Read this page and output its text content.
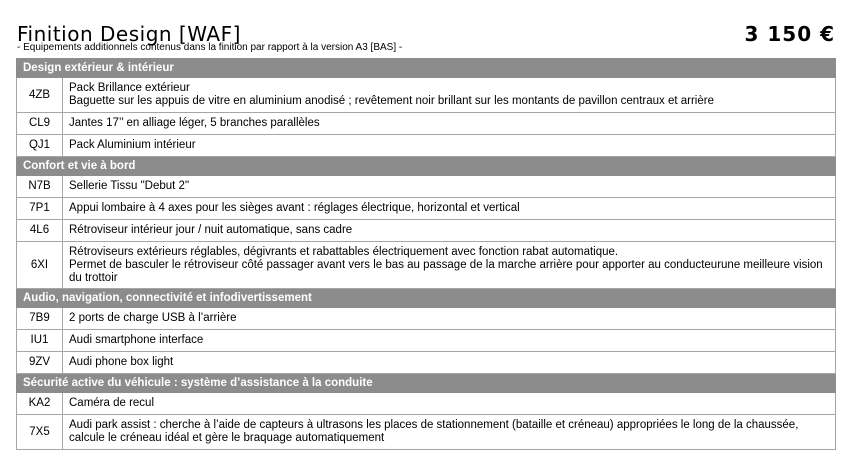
Finition Design [WAF]	3 150 €
- Equipements additionnels contenus dans la finition par rapport à la version A3 [BAS] -
Design extérieur & intérieur	
4ZB	Pack Brillance extérieur
Baguette sur les appuis de vitre en aluminium anodisé ; revêtement noir brillant sur les montants de pavillon centraux et arrière

CL9	Jantes 17’’ en alliage léger, 5 branches parallèles
QJ1	Pack Aluminium intérieur
Confort et vie à bord	
N7B	Sellerie Tissu "Debut 2"
7P1	Appui lombaire à 4 axes pour les sièges avant : réglages électrique, horizontal et vertical
4L6	Rétroviseur intérieur jour / nuit automatique, sans cadre
6XI	Rétroviseurs extérieurs réglables, dégivrants et rabattables électriquement avec fonction rabat automatique.
Permet de basculer le rétroviseur côté passager avant vers le bas au passage de la marche arrière pour apporter au conducteurune meilleure vision du trottoir

Audio, navigation, connectivité et infodivertissement	
7B9	2 ports de charge USB à l’arrière
IU1	Audi smartphone interface
9ZV	Audi phone box light
Sécurité active du véhicule : système d’assistance à la conduite	
KA2	Caméra de recul
7X5	Audi park assist : cherche à l’aide de capteurs à ultrasons les places de stationnement (bataille et créneau) appropriées le long de la chaussée, calcule le créneau idéal et gère le braquage automatiquement
